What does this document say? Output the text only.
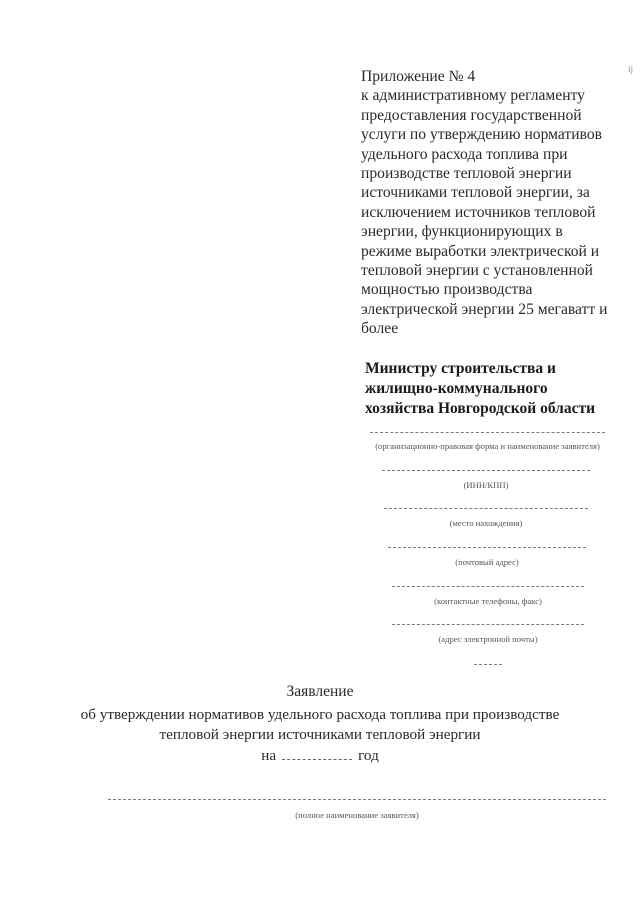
ij
Приложение № 4
к административному регламенту
предоставления государственной
услуги по утверждению нормативов
удельного расхода топлива при
производстве тепловой энергии
источниками тепловой энергии, за
исключением источников тепловой
энергии, функционирующих в
режиме выработки электрической и
тепловой энергии с установленной
мощностью производства
электрической энергии 25 мегаватт и
более
Министру строительства и
жилищно-коммунального
хозяйства Новгородской области
(организационно-правовая форма и наименование заявителя)
(ИНН/КПП)
(место нахождения)
(почтовый адрес)
(контактные телефоны, факс)
(адрес электронной почты)
Заявление
об утверждении нормативов удельного расхода топлива при производстве
тепловой энергии источниками тепловой энергии
на	год
(полное наименование заявителя)
